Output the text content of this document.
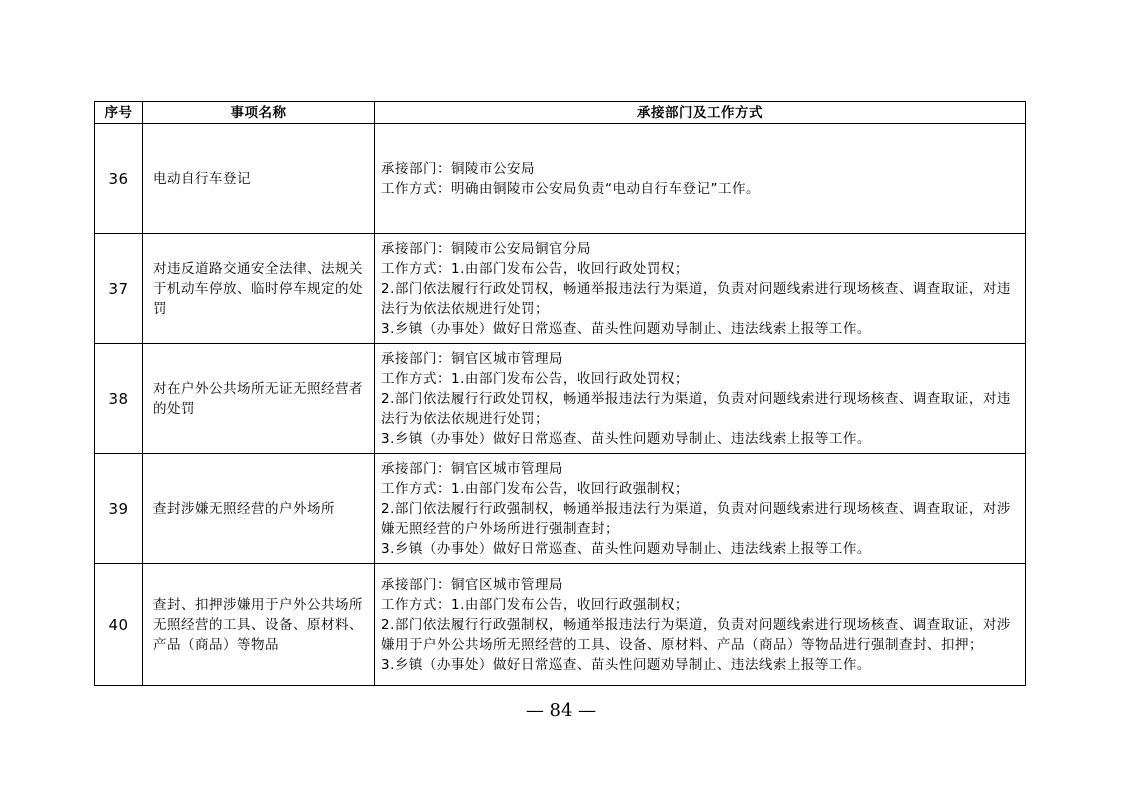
序号	事项名称	承接部门及工作方式
36	电动自行车登记	承接部门：铜陵市公安局
工作方式：明确由铜陵市公安局负责“电动自行车登记”工作。

37	对违反道路交通安全法律、法规关于机动车停放、临时停车规定的处罚	承接部门：铜陵市公安局铜官分局
工作方式：1.由部门发布公告，收回行政处罚权；
2.部门依法履行行政处罚权，畅通举报违法行为渠道，负责对问题线索进行现场核查、调查取证，对违法行为依法依规进行处罚；
3.乡镇（办事处）做好日常巡查、苗头性问题劝导制止、违法线索上报等工作。

38	对在户外公共场所无证无照经营者的处罚	承接部门：铜官区城市管理局
工作方式：1.由部门发布公告，收回行政处罚权；
2.部门依法履行行政处罚权，畅通举报违法行为渠道，负责对问题线索进行现场核查、调查取证，对违法行为依法依规进行处罚；
3.乡镇（办事处）做好日常巡查、苗头性问题劝导制止、违法线索上报等工作。

39	查封涉嫌无照经营的户外场所	承接部门：铜官区城市管理局
工作方式：1.由部门发布公告，收回行政强制权；
2.部门依法履行行政强制权，畅通举报违法行为渠道，负责对问题线索进行现场核查、调查取证，对涉嫌无照经营的户外场所进行强制查封；
3.乡镇（办事处）做好日常巡查、苗头性问题劝导制止、违法线索上报等工作。

40	查封、扣押涉嫌用于户外公共场所无照经营的工具、设备、原材料、产品（商品）等物品	承接部门：铜官区城市管理局
工作方式：1.由部门发布公告，收回行政强制权；
2.部门依法履行行政强制权，畅通举报违法行为渠道，负责对问题线索进行现场核查、调查取证，对涉嫌用于户外公共场所无照经营的工具、设备、原材料、产品（商品）等物品进行强制查封、扣押；
3.乡镇（办事处）做好日常巡查、苗头性问题劝导制止、违法线索上报等工作。
— 84 —
